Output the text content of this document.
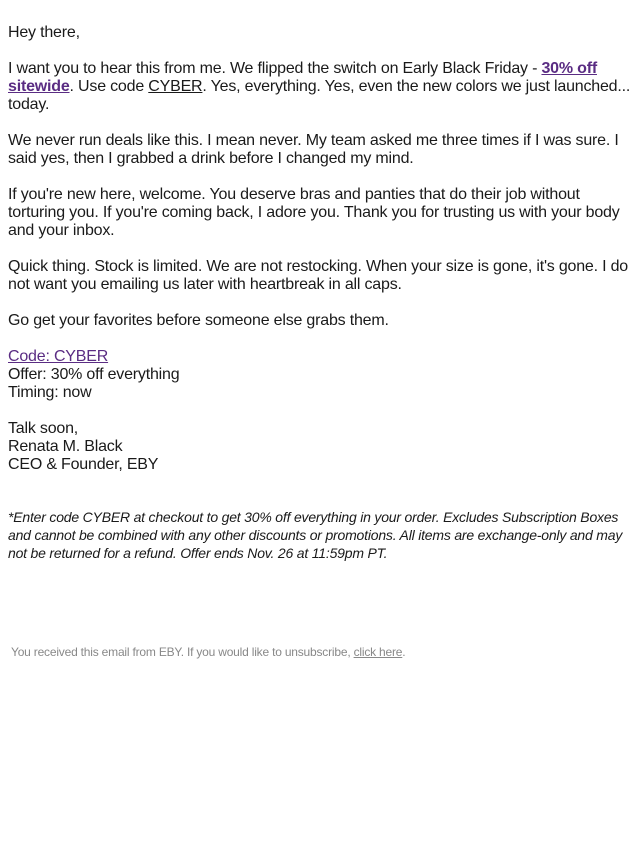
Hey there,

I want you to hear this from me. We flipped the switch on Early Black Friday - 30% off sitewide. Use code CYBER. Yes, everything. Yes, even the new colors we just launched... today.

We never run deals like this. I mean never. My team asked me three times if I was sure. I said yes, then I grabbed a drink before I changed my mind.

If you're new here, welcome. You deserve bras and panties that do their job without torturing you. If you're coming back, I adore you. Thank you for trusting us with your body and your inbox.

Quick thing. Stock is limited. We are not restocking. When your size is gone, it's gone. I do not want you emailing us later with heartbreak in all caps.

Go get your favorites before someone else grabs them.

Code: CYBER
Offer: 30% off everything
Timing: now
Talk soon,
Renata M. Black
CEO & Founder, EBY

*Enter code CYBER at checkout to get 30% off everything in your order. Excludes Subscription Boxes and cannot be combined with any other discounts or promotions. All items are exchange-only and may not be returned for a refund. Offer ends Nov. 26 at 11:59pm PT.

You received this email from EBY. If you would like to unsubscribe, click here.
